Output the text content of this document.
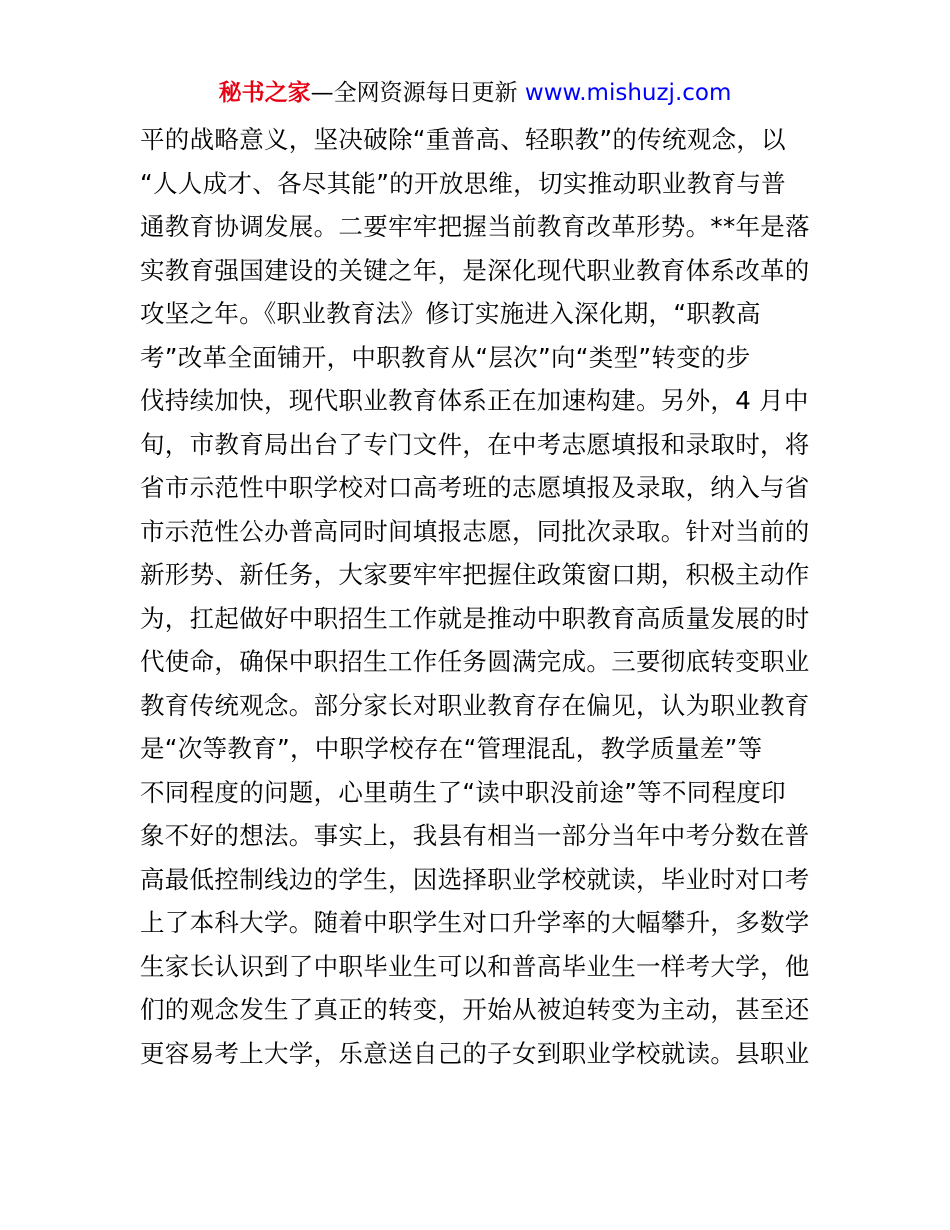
秘书之家—全网资源每日更新 www.mishuzj.com
平的战略意义，坚决破除“重普高、轻职教”的传统观念，以
“人人成才、各尽其能”的开放思维，切实推动职业教育与普
通教育协调发展。二要牢牢把握当前教育改革形势。**年是落
实教育强国建设的关键之年，是深化现代职业教育体系改革的
攻坚之年。《职业教育法》修订实施进入深化期，“职教高
考”改革全面铺开，中职教育从“层次”向“类型”转变的步
伐持续加快，现代职业教育体系正在加速构建。另外，4 月中
旬，市教育局出台了专门文件，在中考志愿填报和录取时，将
省市示范性中职学校对口高考班的志愿填报及录取，纳入与省
市示范性公办普高同时间填报志愿，同批次录取。针对当前的
新形势、新任务，大家要牢牢把握住政策窗口期，积极主动作
为，扛起做好中职招生工作就是推动中职教育高质量发展的时
代使命，确保中职招生工作任务圆满完成。三要彻底转变职业
教育传统观念。部分家长对职业教育存在偏见，认为职业教育
是“次等教育”，中职学校存在“管理混乱，教学质量差”等
不同程度的问题，心里萌生了“读中职没前途”等不同程度印
象不好的想法。事实上，我县有相当一部分当年中考分数在普
高最低控制线边的学生，因选择职业学校就读，毕业时对口考
上了本科大学。随着中职学生对口升学率的大幅攀升，多数学
生家长认识到了中职毕业生可以和普高毕业生一样考大学，他
们的观念发生了真正的转变，开始从被迫转变为主动，甚至还
更容易考上大学，乐意送自己的子女到职业学校就读。县职业
